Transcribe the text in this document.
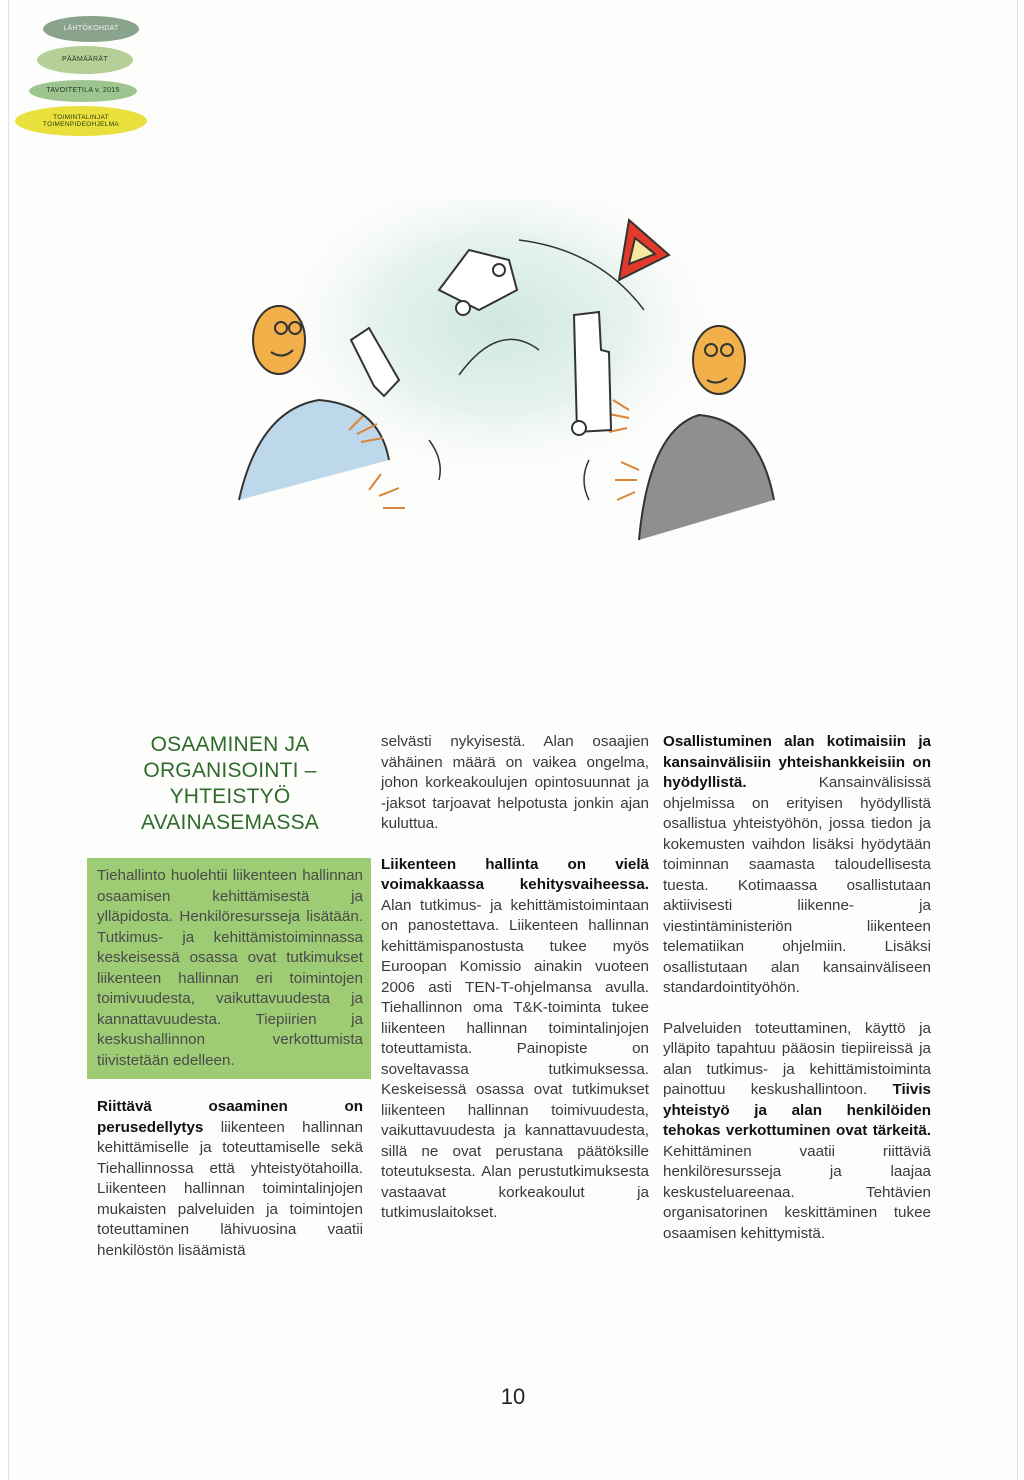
LÄHTÖKOHDAT
PÄÄMÄÄRÄT
TAVOITETILA v. 2015
TOIMINTALINJAT
TOIMENPIDEOHJELMA
OSAAMINEN JA
ORGANISOINTI –
YHTEISTYÖ
AVAINASEMASSA
Tiehallinto huolehtii liikenteen hallinnan osaamisen kehittämisestä ja ylläpidosta. Henkilöresursseja lisätään. Tutkimus- ja kehittämistoiminnassa keskeisessä osassa ovat tutkimukset liikenteen hallinnan eri toimintojen toimivuudesta, vaikuttavuudesta ja kannattavuudesta. Tiepiirien ja keskushallinnon verkottumista tiivistetään edelleen.

Riittävä osaaminen on perusedellytys liikenteen hallinnan kehittämiselle ja toteuttamiselle sekä Tiehallinnossa että yhteistyötahoilla. Liikenteen hallinnan toimintalinjojen mukaisten palveluiden ja toimintojen toteuttaminen lähivuosina vaatii henkilöstön lisäämistä

selvästi nykyisestä. Alan osaajien vähäinen määrä on vaikea ongelma, johon korkeakoulujen opintosuunnat ja -jaksot tarjoavat helpotusta jonkin ajan kuluttua.

Liikenteen hallinta on vielä voimakkaassa kehitysvaiheessa. Alan tutkimus- ja kehittämistoimintaan on panostettava. Liikenteen hallinnan kehittämispanostusta tukee myös Euroopan Komissio ainakin vuoteen 2006 asti TEN-T-ohjelmansa avulla. Tiehallinnon oma T&K-toiminta tukee liikenteen hallinnan toimintalinjojen toteuttamista. Painopiste on soveltavassa tutkimuksessa. Keskeisessä osassa ovat tutkimukset liikenteen hallinnan toimivuudesta, vaikuttavuudesta ja kannattavuudesta, sillä ne ovat perustana päätöksille toteutuksesta. Alan perustutkimuksesta vastaavat korkeakoulut ja tutkimuslaitokset.

Osallistuminen alan kotimaisiin ja kansainvälisiin yhteishankkeisiin on hyödyllistä. Kansainvälisissä ohjelmissa on erityisen hyödyllistä osallistua yhteistyöhön, jossa tiedon ja kokemusten vaihdon lisäksi hyödytään toiminnan saamasta taloudellisesta tuesta. Kotimaassa osallistutaan aktiivisesti liikenne- ja viestintäministeriön liikenteen telematiikan ohjelmiin. Lisäksi osallistutaan alan kansainväliseen standardointityöhön.

Palveluiden toteuttaminen, käyttö ja ylläpito tapahtuu pääosin tiepiireissä ja alan tutkimus- ja kehittämistoiminta painottuu keskushallintoon. Tiivis yhteistyö ja alan henkilöiden tehokas verkottuminen ovat tärkeitä. Kehittäminen vaatii riittäviä henkilöresursseja ja laajaa keskusteluareenaa. Tehtävien organisatorinen keskittäminen tukee osaamisen kehittymistä.

10
